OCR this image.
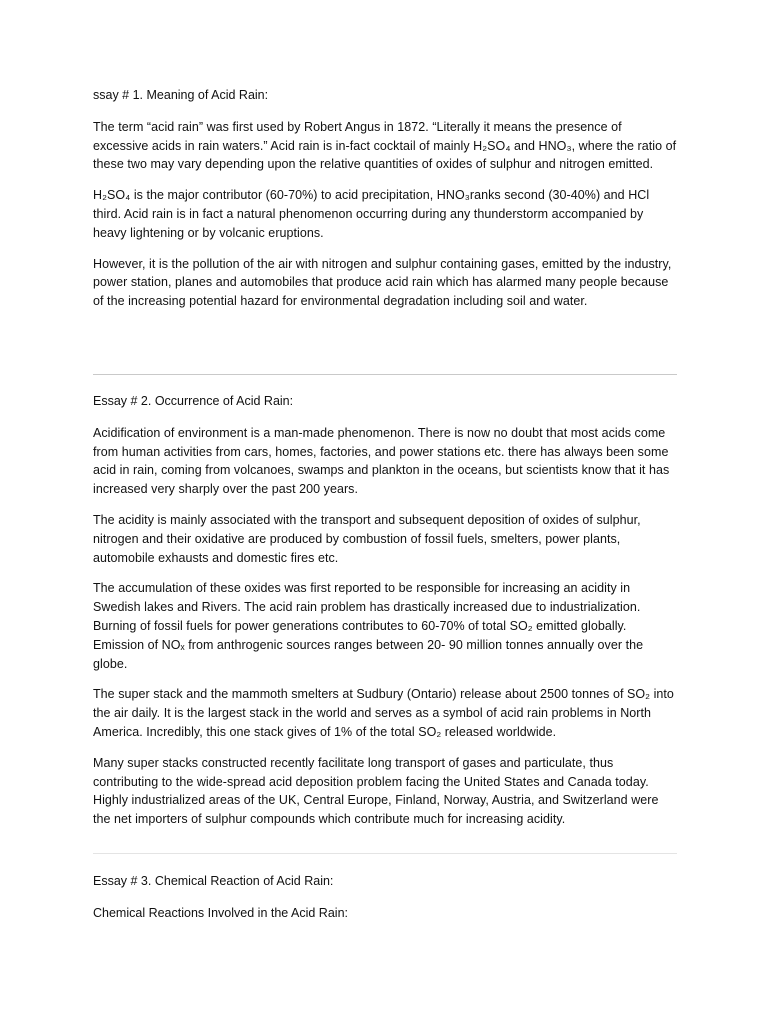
ssay # 1. Meaning of Acid Rain:

The term “acid rain” was first used by Robert Angus in 1872. “Literally it means the presence of excessive acids in rain waters.” Acid rain is in-fact cocktail of mainly H₂SO₄ and HNO₃, where the ratio of these two may vary depending upon the relative quantities of oxides of sulphur and nitrogen emitted.

H₂SO₄ is the major contributor (60-70%) to acid precipitation, HNO₃ranks second (30-40%) and HCl third. Acid rain is in fact a natural phenomenon occurring during any thunderstorm accompanied by heavy lightening or by volcanic eruptions.

However, it is the pollution of the air with nitrogen and sulphur containing gases, emitted by the industry, power station, planes and automobiles that produce acid rain which has alarmed many people because of the increasing potential hazard for environmental degradation including soil and water.

Essay # 2. Occurrence of Acid Rain:

Acidification of environment is a man-made phenomenon. There is now no doubt that most acids come from human activities from cars, homes, factories, and power stations etc. there has always been some acid in rain, coming from volcanoes, swamps and plankton in the oceans, but scientists know that it has increased very sharply over the past 200 years.

The acidity is mainly associated with the transport and subsequent deposition of oxides of sulphur, nitrogen and their oxidative are produced by combustion of fossil fuels, smelters, power plants, automobile exhausts and domestic fires etc.

The accumulation of these oxides was first reported to be responsible for increasing an acidity in Swedish lakes and Rivers. The acid rain problem has drastically increased due to industrialization. Burning of fossil fuels for power generations contributes to 60-70% of total SO₂ emitted globally. Emission of NOₓ from anthrogenic sources ranges between 20- 90 million tonnes annually over the globe.

The super stack and the mammoth smelters at Sudbury (Ontario) release about 2500 tonnes of SO₂ into the air daily. It is the largest stack in the world and serves as a symbol of acid rain problems in North America. Incredibly, this one stack gives of 1% of the total SO₂ released worldwide.

Many super stacks constructed recently facilitate long transport of gases and particulate, thus contributing to the wide-spread acid deposition problem facing the United States and Canada today. Highly industrialized areas of the UK, Central Europe, Finland, Norway, Austria, and Switzerland were the net importers of sulphur compounds which contribute much for increasing acidity.

Essay # 3. Chemical Reaction of Acid Rain:

Chemical Reactions Involved in the Acid Rain:
